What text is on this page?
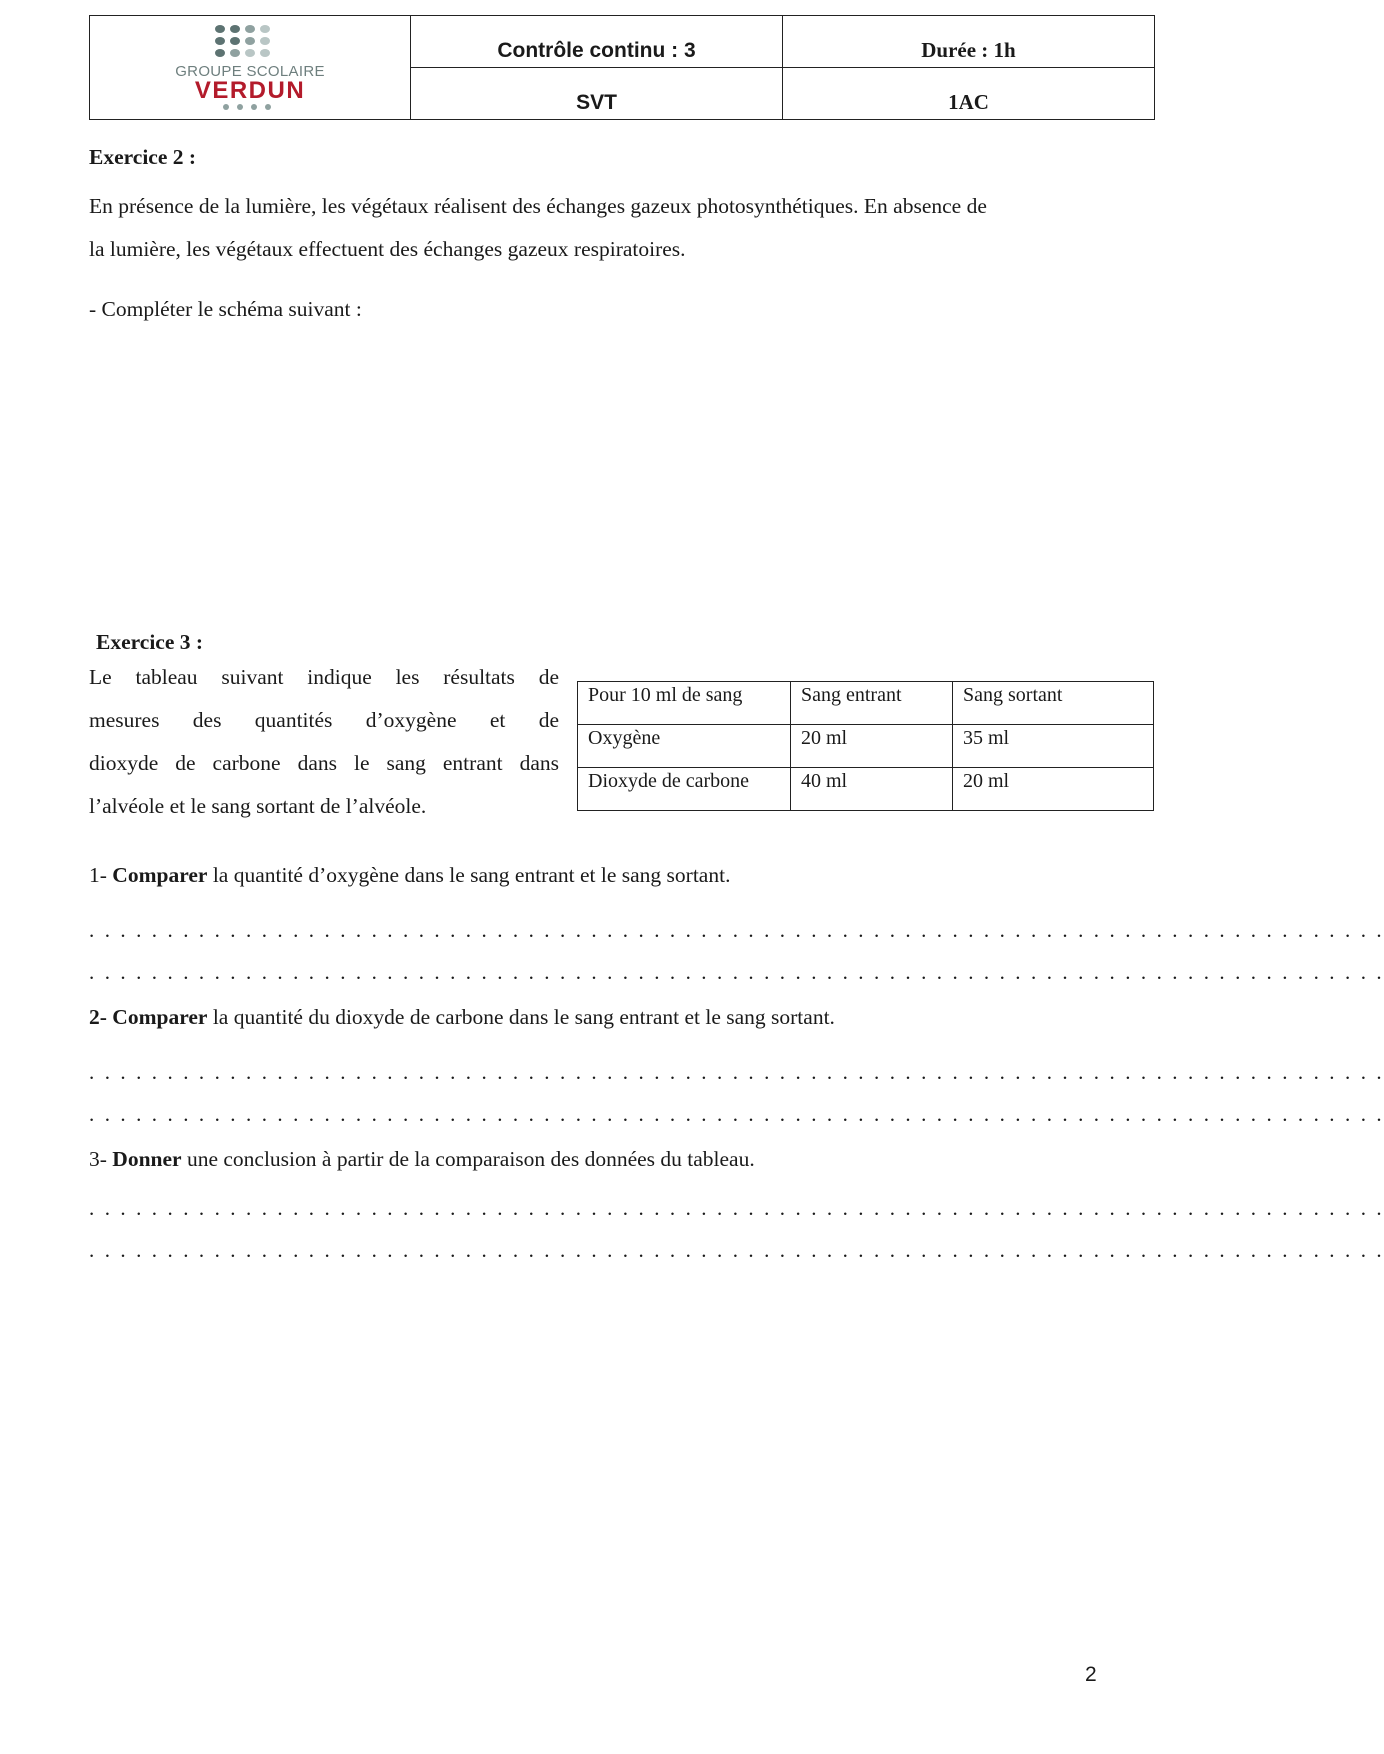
GROUPE SCOLAIRE
VERDUN	Contrôle continu : 3	Durée : 1h
	SVT	1AC
Exercice 2 :
En présence de la lumière, les végétaux réalisent des échanges gazeux photosynthétiques. En absence de
la lumière, les végétaux effectuent des échanges gazeux respiratoires.
- Compléter le schéma suivant :
Exercice 3 :
Le tableau suivant indique les résultats de
mesures des quantités d’oxygène et de
dioxyde de carbone dans le sang entrant dans
l’alvéole et le sang sortant de l’alvéole.
Pour 10 ml de sang	Sang entrant	Sang sortant
Oxygène	20 ml	35 ml
Dioxyde de carbone	40 ml	20 ml
1- Comparer la quantité d’oxygène dans le sang entrant et le sang sortant.
. . . . . . . . . . . . . . . . . . . . . . . . . . . . . . . . . . . . . . . . . . . . . . . . . . . . . . . . . . . . . . . . . . . . . . . . . . . . . . . . . . .
. . . . . . . . . . . . . . . . . . . . . . . . . . . . . . . . . . . . . . . . . . . . . . . . . . . . . . . . . . . . . . . . . . . . . . . . . . . . . . . . . . .
2- Comparer la quantité du dioxyde de carbone dans le sang entrant et le sang sortant.
. . . . . . . . . . . . . . . . . . . . . . . . . . . . . . . . . . . . . . . . . . . . . . . . . . . . . . . . . . . . . . . . . . . . . . . . . . . . . . . . . . .
. . . . . . . . . . . . . . . . . . . . . . . . . . . . . . . . . . . . . . . . . . . . . . . . . . . . . . . . . . . . . . . . . . . . . . . . . . . . . . . . . . .
3- Donner une conclusion à partir de la comparaison des données du tableau.
. . . . . . . . . . . . . . . . . . . . . . . . . . . . . . . . . . . . . . . . . . . . . . . . . . . . . . . . . . . . . . . . . . . . . . . . . . . . . . . . . . .
. . . . . . . . . . . . . . . . . . . . . . . . . . . . . . . . . . . . . . . . . . . . . . . . . . . . . . . . . . . . . . . . . . . . . . . . . . . . . . . . . . .
2
